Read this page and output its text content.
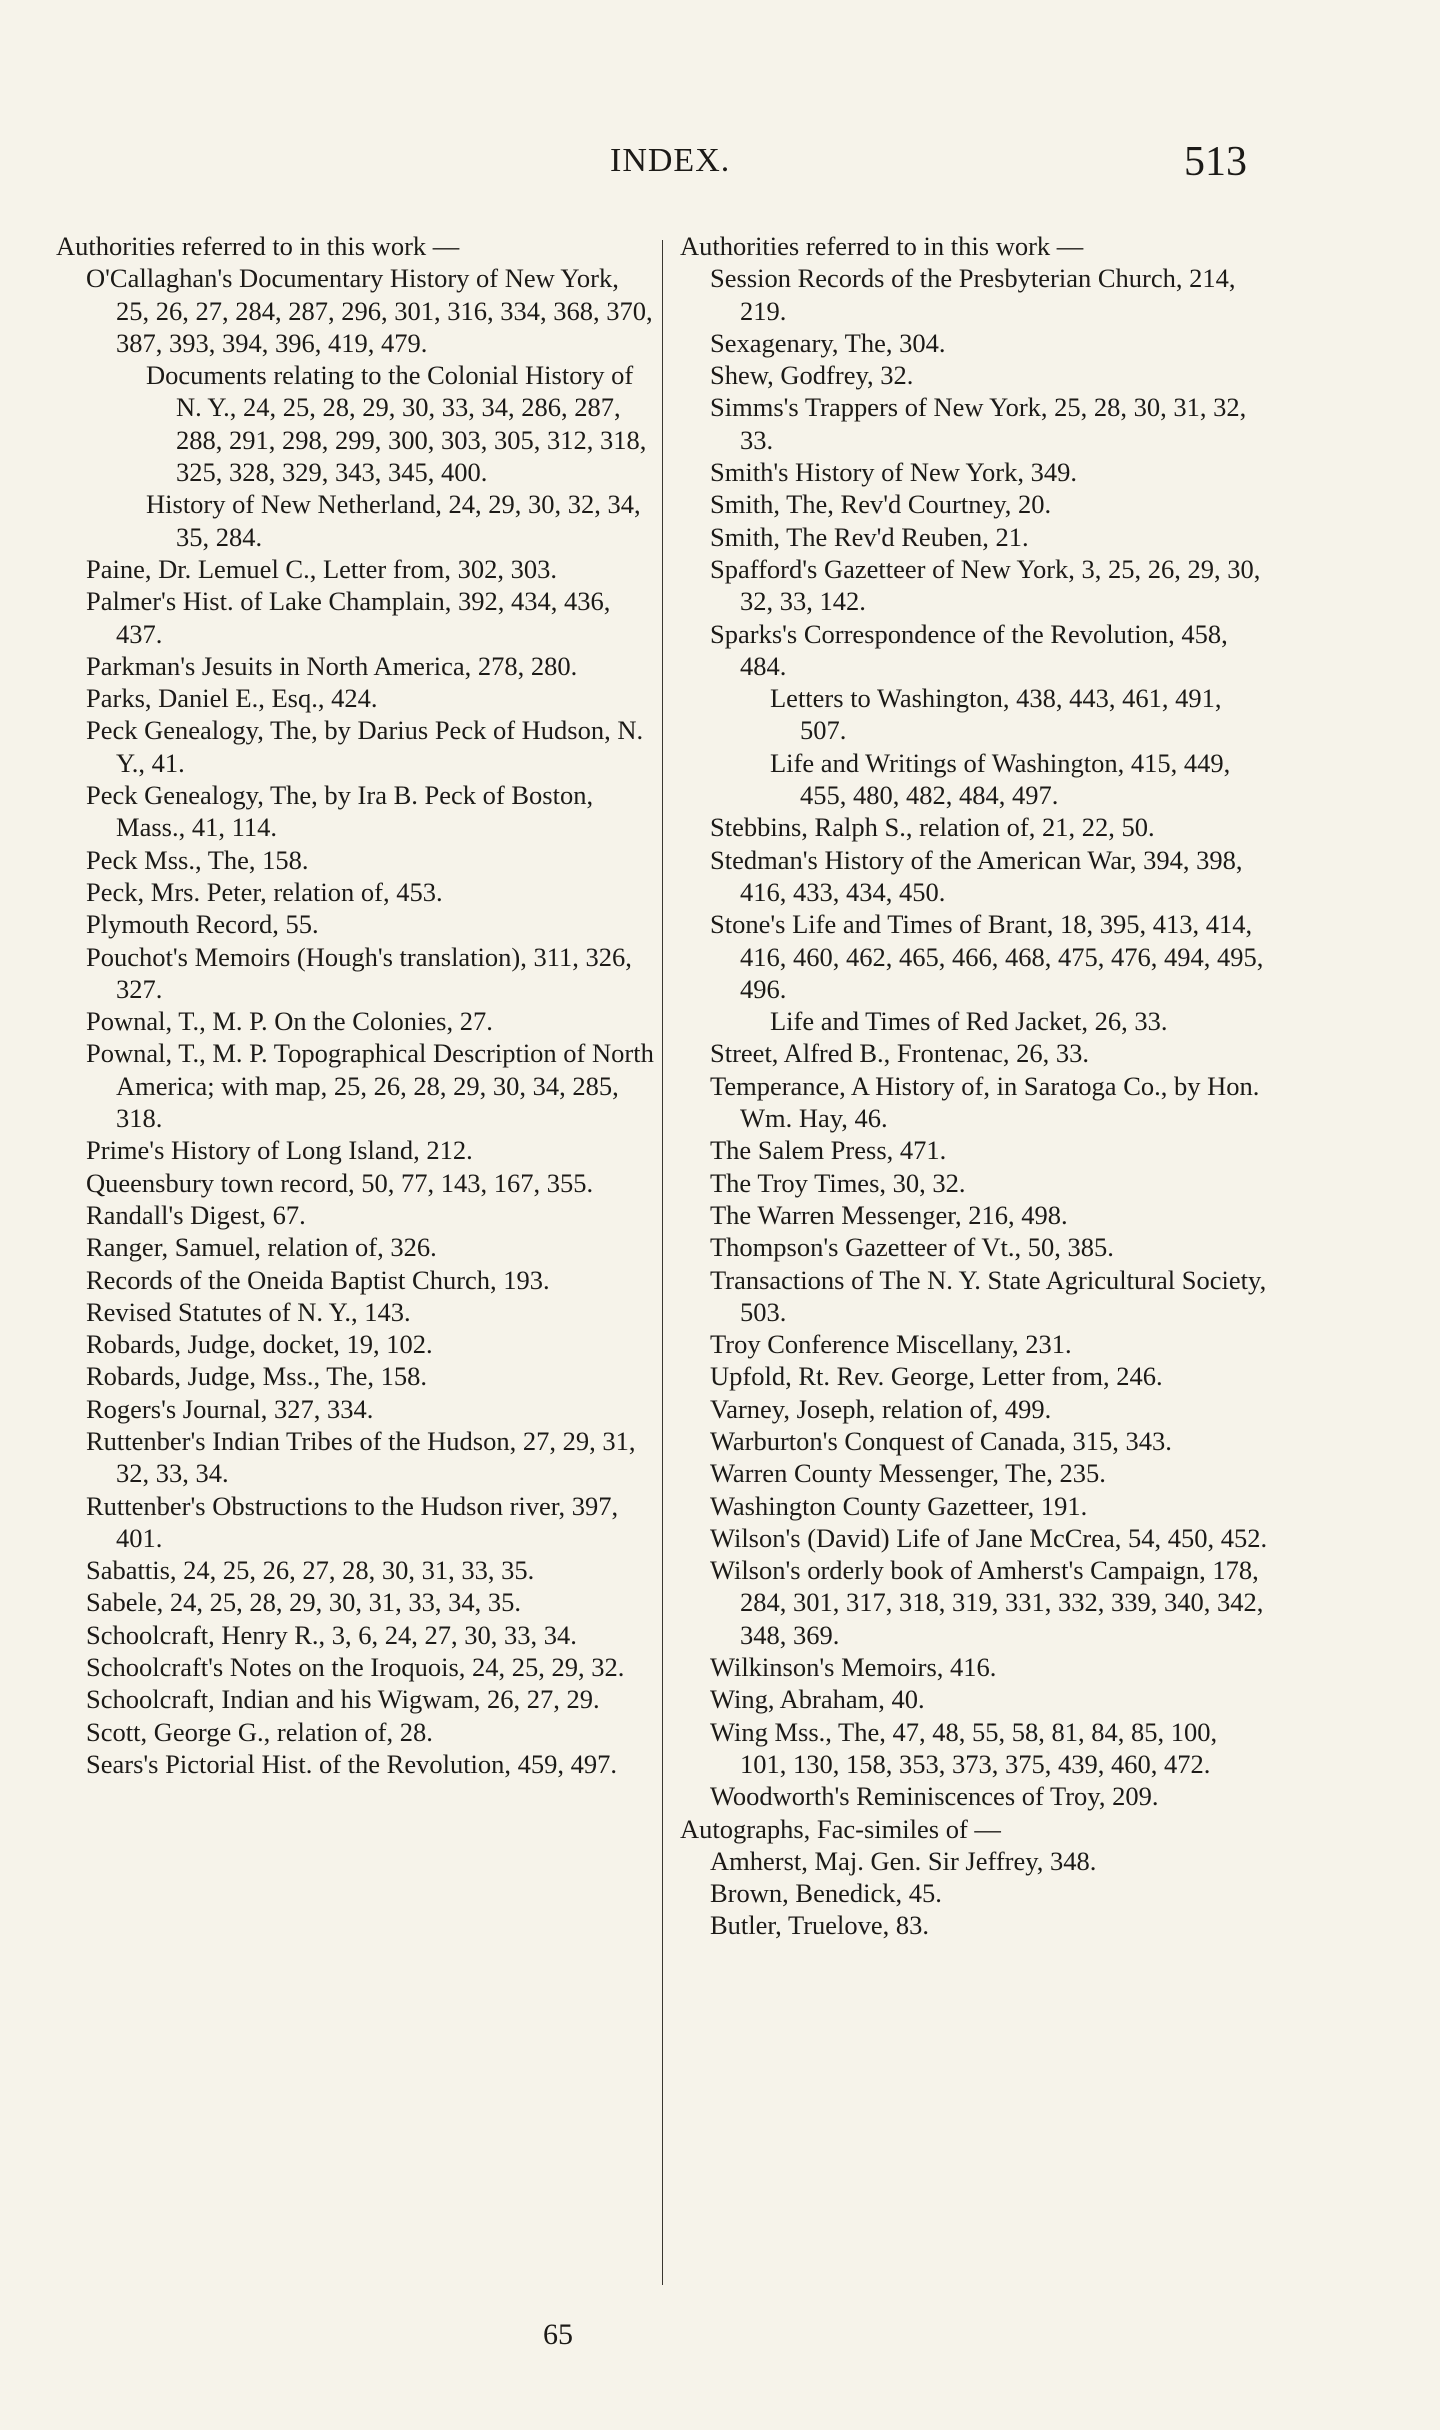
INDEX.	513

Authorities referred to in this work —

O'Callaghan's Documentary History of New York, 25, 26, 27, 284, 287, 296, 301, 316, 334, 368, 370, 387, 393, 394, 396, 419, 479.

Documents relating to the Colonial History of N. Y., 24, 25, 28, 29, 30, 33, 34, 286, 287, 288, 291, 298, 299, 300, 303, 305, 312, 318, 325, 328, 329, 343, 345, 400.

History of New Netherland, 24, 29, 30, 32, 34, 35, 284.

Paine, Dr. Lemuel C., Letter from, 302, 303.

Palmer's Hist. of Lake Champlain, 392, 434, 436, 437.

Parkman's Jesuits in North America, 278, 280.

Parks, Daniel E., Esq., 424.

Peck Genealogy, The, by Darius Peck of Hudson, N. Y., 41.

Peck Genealogy, The, by Ira B. Peck of Boston, Mass., 41, 114.

Peck Mss., The, 158.

Peck, Mrs. Peter, relation of, 453.

Plymouth Record, 55.

Pouchot's Memoirs (Hough's translation), 311, 326, 327.

Pownal, T., M. P. On the Colonies, 27.

Pownal, T., M. P. Topographical Description of North America; with map, 25, 26, 28, 29, 30, 34, 285, 318.

Prime's History of Long Island, 212.

Queensbury town record, 50, 77, 143, 167, 355.

Randall's Digest, 67.

Ranger, Samuel, relation of, 326.

Records of the Oneida Baptist Church, 193.

Revised Statutes of N. Y., 143.

Robards, Judge, docket, 19, 102.

Robards, Judge, Mss., The, 158.

Rogers's Journal, 327, 334.

Ruttenber's Indian Tribes of the Hudson, 27, 29, 31, 32, 33, 34.

Ruttenber's Obstructions to the Hudson river, 397, 401.

Sabattis, 24, 25, 26, 27, 28, 30, 31, 33, 35.

Sabele, 24, 25, 28, 29, 30, 31, 33, 34, 35.

Schoolcraft, Henry R., 3, 6, 24, 27, 30, 33, 34.

Schoolcraft's Notes on the Iroquois, 24, 25, 29, 32.

Schoolcraft, Indian and his Wigwam, 26, 27, 29.

Scott, George G., relation of, 28.

Sears's Pictorial Hist. of the Revolution, 459, 497.

Authorities referred to in this work —

Session Records of the Presbyterian Church, 214, 219.

Sexagenary, The, 304.

Shew, Godfrey, 32.

Simms's Trappers of New York, 25, 28, 30, 31, 32, 33.

Smith's History of New York, 349.

Smith, The, Rev'd Courtney, 20.

Smith, The Rev'd Reuben, 21.

Spafford's Gazetteer of New York, 3, 25, 26, 29, 30, 32, 33, 142.

Sparks's Correspondence of the Revolution, 458, 484.

Letters to Washington, 438, 443, 461, 491, 507.

Life and Writings of Washington, 415, 449, 455, 480, 482, 484, 497.

Stebbins, Ralph S., relation of, 21, 22, 50.

Stedman's History of the American War, 394, 398, 416, 433, 434, 450.

Stone's Life and Times of Brant, 18, 395, 413, 414, 416, 460, 462, 465, 466, 468, 475, 476, 494, 495, 496.

Life and Times of Red Jacket, 26, 33.

Street, Alfred B., Frontenac, 26, 33.

Temperance, A History of, in Saratoga Co., by Hon. Wm. Hay, 46.

The Salem Press, 471.

The Troy Times, 30, 32.

The Warren Messenger, 216, 498.

Thompson's Gazetteer of Vt., 50, 385.

Transactions of The N. Y. State Agricultural Society, 503.

Troy Conference Miscellany, 231.

Upfold, Rt. Rev. George, Letter from, 246.

Varney, Joseph, relation of, 499.

Warburton's Conquest of Canada, 315, 343.

Warren County Messenger, The, 235.

Washington County Gazetteer, 191.

Wilson's (David) Life of Jane McCrea, 54, 450, 452.

Wilson's orderly book of Amherst's Campaign, 178, 284, 301, 317, 318, 319, 331, 332, 339, 340, 342, 348, 369.

Wilkinson's Memoirs, 416.

Wing, Abraham, 40.

Wing Mss., The, 47, 48, 55, 58, 81, 84, 85, 100, 101, 130, 158, 353, 373, 375, 439, 460, 472.

Woodworth's Reminiscences of Troy, 209.

Autographs, Fac-similes of —

Amherst, Maj. Gen. Sir Jeffrey, 348.

Brown, Benedick, 45.

Butler, Truelove, 83.

65
